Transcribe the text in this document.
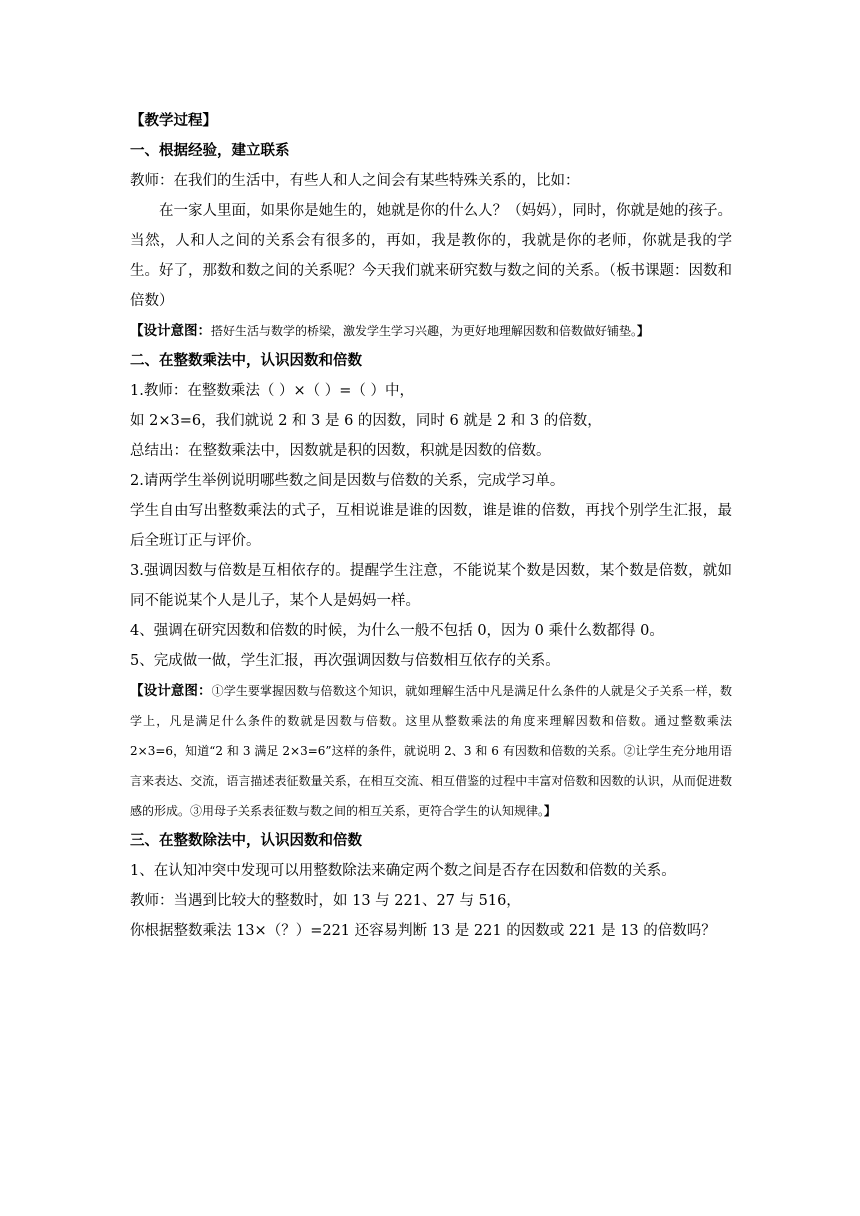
【教学过程】
一、根据经验，建立联系
教师：在我们的生活中，有些人和人之间会有某些特殊关系的，比如：
在一家人里面，如果你是她生的，她就是你的什么人？（妈妈），同时，你就是她的孩子。当然，人和人之间的关系会有很多的，再如，我是教你的，我就是你的老师，你就是我的学生。好了，那数和数之间的关系呢？今天我们就来研究数与数之间的关系。（板书课题：因数和倍数）
【设计意图：搭好生活与数学的桥梁，激发学生学习兴趣，为更好地理解因数和倍数做好铺垫。】
二、在整数乘法中，认识因数和倍数
1.教师：在整数乘法（ ）×（ ）=（ ）中，
如 2×3=6，我们就说 2 和 3 是 6 的因数，同时 6 就是 2 和 3 的倍数，
总结出：在整数乘法中，因数就是积的因数，积就是因数的倍数。
2.请两学生举例说明哪些数之间是因数与倍数的关系，完成学习单。
学生自由写出整数乘法的式子，互相说谁是谁的因数，谁是谁的倍数，再找个别学生汇报，最后全班订正与评价。
3.强调因数与倍数是互相依存的。提醒学生注意，不能说某个数是因数，某个数是倍数，就如同不能说某个人是儿子，某个人是妈妈一样。
4、强调在研究因数和倍数的时候，为什么一般不包括 0，因为 0 乘什么数都得 0。
5、完成做一做，学生汇报，再次强调因数与倍数相互依存的关系。
【设计意图：①学生要掌握因数与倍数这个知识，就如理解生活中凡是满足什么条件的人就是父子关系一样，数学上，凡是满足什么条件的数就是因数与倍数。这里从整数乘法的角度来理解因数和倍数。通过整数乘法 2×3=6，知道“2 和 3 满足 2×3=6”这样的条件，就说明 2、3 和 6 有因数和倍数的关系。②让学生充分地用语言来表达、交流，语言描述表征数量关系，在相互交流、相互借鉴的过程中丰富对倍数和因数的认识，从而促进数感的形成。③用母子关系表征数与数之间的相互关系，更符合学生的认知规律。】
三、在整数除法中，认识因数和倍数
1、在认知冲突中发现可以用整数除法来确定两个数之间是否存在因数和倍数的关系。
教师：当遇到比较大的整数时，如 13 与 221、27 与 516，
你根据整数乘法 13×（？）=221 还容易判断 13 是 221 的因数或 221 是 13 的倍数吗？
